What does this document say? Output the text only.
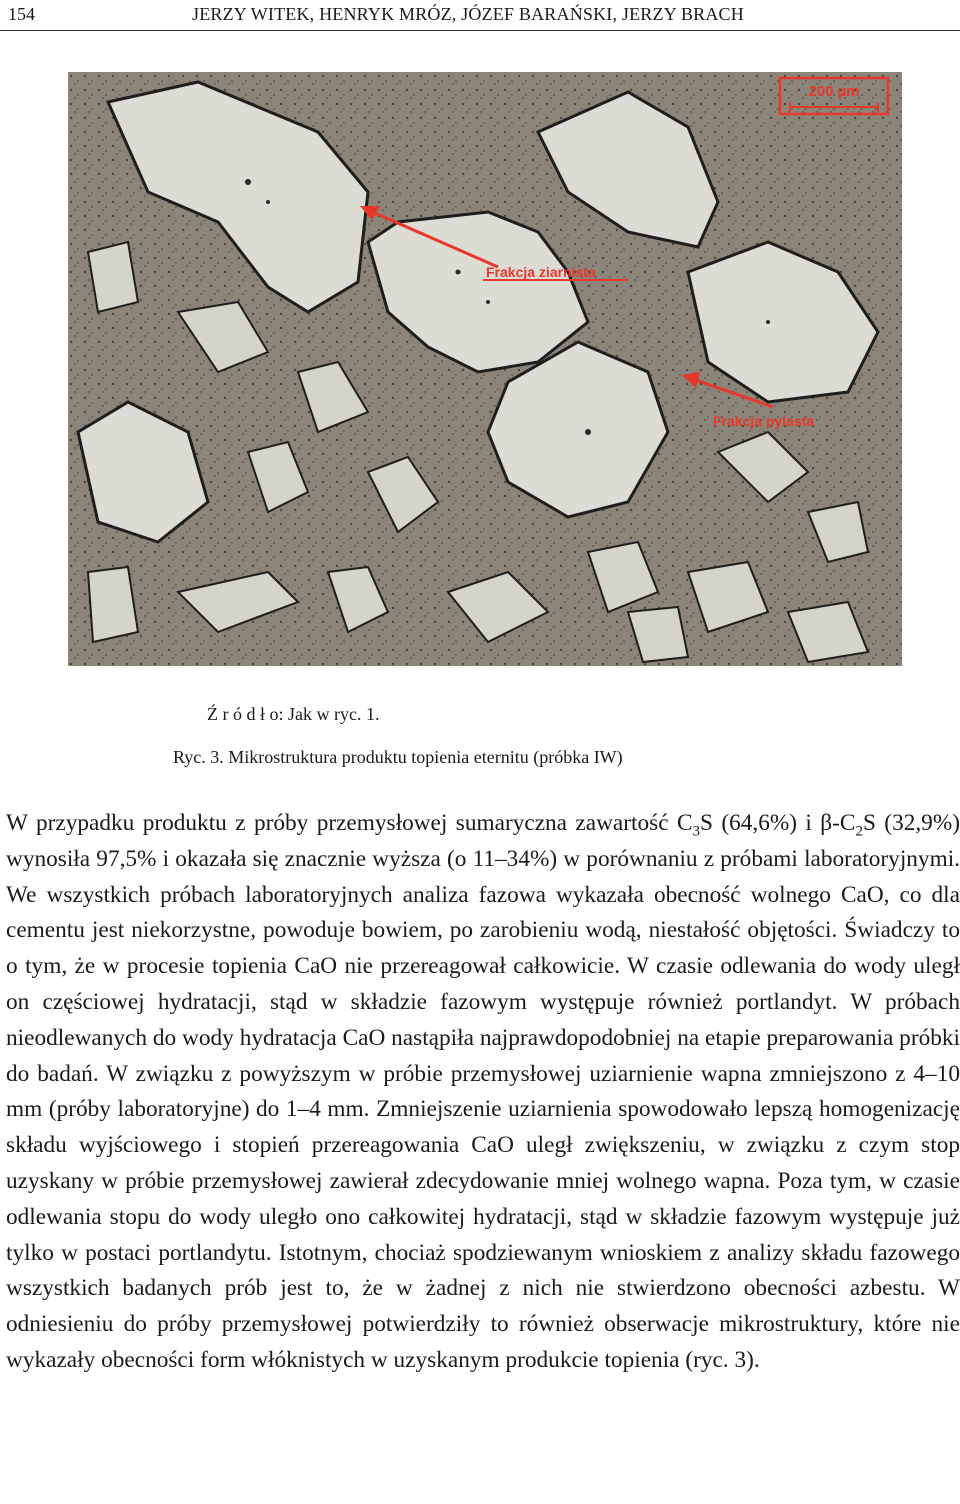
154	JERZY WITEK, HENRYK MRÓZ, JÓZEF BARAŃSKI, JERZY BRACH
200 µm
Frakcja ziarnista
Frakcja pylasta
Ź r ó d ł o: Jak w ryc. 1.
Ryc. 3. Mikrostruktura produktu topienia eternitu (próbka IW)

W przypadku produktu z próby przemysłowej sumaryczna zawartość $C_3S$ (64,6%) i $\beta-C_2S$ (32,9%) wynosiła 97,5% i okazała się znacznie wyższa (o 11–34%) w porównaniu z próbami laboratoryjnymi. We wszystkich próbach laboratoryjnych analiza fazowa wykazała obecność wolnego CaO, co dla cementu jest niekorzystne, powoduje bowiem, po zarobieniu wodą, niestałość objętości. Świadczy to o tym, że w procesie topienia CaO nie przereagował całkowicie. W czasie odlewania do wody uległ on częściowej hydratacji, stąd w składzie fazowym występuje również portlandyt. W próbach nieodlewanych do wody hydratacja CaO nastąpiła najprawdopodobniej na etapie preparowania próbki do badań. W związku z powyższym w próbie przemysłowej uziarnienie wapna zmniejszono z 4–10 mm (próby laboratoryjne) do 1–4 mm. Zmniejszenie uziarnienia spowodowało lepszą homogenizację składu wyjściowego i stopień przereagowania CaO uległ zwiększeniu, w związku z czym stop uzyskany w próbie przemysłowej zawierał zdecydowanie mniej wolnego wapna. Poza tym, w czasie odlewania stopu do wody uległo ono całkowitej hydratacji, stąd w składzie fazowym występuje już tylko w postaci portlandytu. Istotnym, chociaż spodziewanym wnioskiem z analizy składu fazowego wszystkich badanych prób jest to, że w żadnej z nich nie stwierdzono obecności azbestu. W odniesieniu do próby przemysłowej potwierdziły to również obserwacje mikrostruktury, które nie wykazały obecności form włóknistych w uzyskanym produkcie topienia (ryc. 3).
